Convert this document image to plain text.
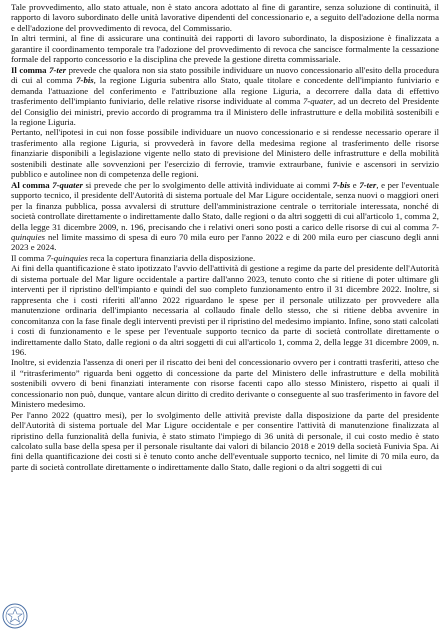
Tale provvedimento, allo stato attuale, non è stato ancora adottato al fine di garantire, senza soluzione di continuità, il rapporto di lavoro subordinato delle unità lavorative dipendenti del concessionario e, a seguito dell'adozione della norma e dell'adozione del provvedimento di revoca, del Commissario.

In altri termini, al fine di assicurare una continuità dei rapporti di lavoro subordinato, la disposizione è finalizzata a garantire il coordinamento temporale tra l'adozione del provvedimento di revoca che sancisce formalmente la cessazione formale del rapporto concessorio e la disciplina che prevede la gestione diretta commissariale.

Il comma 7-ter prevede che qualora non sia stato possibile individuare un nuovo concessionario all'esito della procedura di cui al comma 7-bis, la regione Liguria subentra allo Stato, quale titolare e concedente dell'impianto funiviario e demanda l'attuazione del conferimento e l'attribuzione alla regione Liguria, a decorrere dalla data di effettivo trasferimento dell'impianto funiviario, delle relative risorse individuate al comma 7-quater, ad un decreto del Presidente del Consiglio dei ministri, previo accordo di programma tra il Ministero delle infrastrutture e della mobilità sostenibili e la regione Liguria.

Pertanto, nell'ipotesi in cui non fosse possibile individuare un nuovo concessionario e si rendesse necessario operare il trasferimento alla regione Liguria, si provvederà in favore della medesima regione al trasferimento delle risorse finanziarie disponibili a legislazione vigente nello stato di previsione del Ministero delle infrastrutture e della mobilità sostenibili destinate alle sovvenzioni per l'esercizio di ferrovie, tramvie extraurbane, funivie e ascensori in servizio pubblico e autolinee non di competenza delle regioni.

Al comma 7-quater si prevede che per lo svolgimento delle attività individuate ai commi 7-bis e 7-ter, e per l'eventuale supporto tecnico, il presidente dell'Autorità di sistema portuale del Mar Ligure occidentale, senza nuovi o maggiori oneri per la finanza pubblica, possa avvalersi di strutture dell'amministrazione centrale o territoriale interessata, nonché di società controllate direttamente o indirettamente dallo Stato, dalle regioni o da altri soggetti di cui all'articolo 1, comma 2, della legge 31 dicembre 2009, n. 196, precisando che i relativi oneri sono posti a carico delle risorse di cui al comma 7-quinquies nel limite massimo di spesa di euro 70 mila euro per l'anno 2022 e di 200 mila euro per ciascuno degli anni 2023 e 2024.

Il comma 7-quinquies reca la copertura finanziaria della disposizione.

Ai fini della quantificazione è stato ipotizzato l'avvio dell'attività di gestione a regime da parte del presidente dell'Autorità di sistema portuale del Mar ligure occidentale a partire dall'anno 2023, tenuto conto che si ritiene di poter ultimare gli interventi per il ripristino dell'impianto e quindi del suo completo funzionamento entro il 31 dicembre 2022. Inoltre, si rappresenta che i costi riferiti all'anno 2022 riguardano le spese per il personale utilizzato per provvedere alla manutenzione ordinaria dell'impianto necessaria al collaudo finale dello stesso, che si ritiene debba avvenire in concomitanza con la fase finale degli interventi previsti per il ripristino del medesimo impianto. Infine, sono stati calcolati i costi di funzionamento e le spese per l'eventuale supporto tecnico da parte di società controllate direttamente o indirettamente dallo Stato, dalle regioni o da altri soggetti di cui all'articolo 1, comma 2, della legge 31 dicembre 2009, n. 196.

Inoltre, si evidenzia l'assenza di oneri per il riscatto dei beni del concessionario ovvero per i contratti trasferiti, atteso che il “ritrasferimento” riguarda beni oggetto di concessione da parte del Ministero delle infrastrutture e della mobilità sostenibili ovvero di beni finanziati interamente con risorse facenti capo allo stesso Ministero, rispetto ai quali il concessionario non può, dunque, vantare alcun diritto di credito derivante o conseguente al suo trasferimento in favore del Ministero medesimo.

Per l'anno 2022 (quattro mesi), per lo svolgimento delle attività previste dalla disposizione da parte del presidente dell'Autorità di sistema portuale del Mar Ligure occidentale e per consentire l'attività di manutenzione finalizzata al ripristino della funzionalità della funivia, è stato stimato l'impiego di 36 unità di personale, il cui costo medio è stato calcolato sulla base della spesa per il personale risultante dai valori di bilancio 2018 e 2019 della società Funivia Spa. Ai fini della quantificazione dei costi si è tenuto conto anche dell'eventuale supporto tecnico, nel limite di 70 mila euro, da parte di società controllate direttamente o indirettamente dallo Stato, dalle regioni o da altri soggetti di cui
